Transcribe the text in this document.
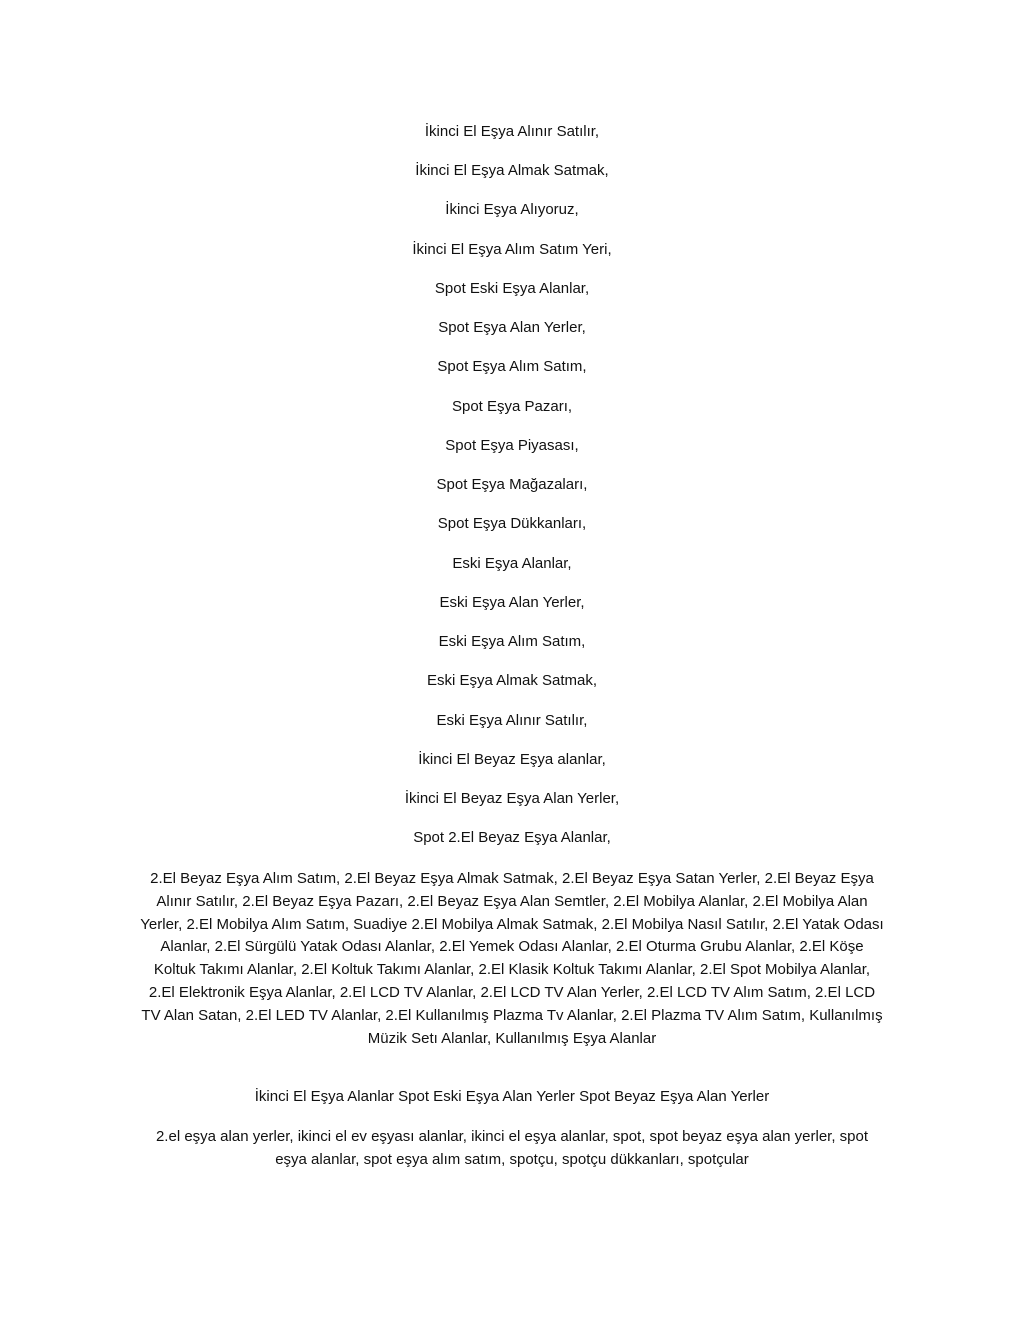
İkinci El Eşya Alınır Satılır,

İkinci El Eşya Almak Satmak,

İkinci Eşya Alıyoruz,

İkinci El Eşya Alım Satım Yeri,

Spot Eski Eşya Alanlar,

Spot Eşya Alan Yerler,

Spot Eşya Alım Satım,

Spot Eşya Pazarı,

Spot Eşya Piyasası,

Spot Eşya Mağazaları,

Spot Eşya Dükkanları,

Eski Eşya Alanlar,

Eski Eşya Alan Yerler,

Eski Eşya Alım Satım,

Eski Eşya Almak Satmak,

Eski Eşya Alınır Satılır,

İkinci El Beyaz Eşya alanlar,

İkinci El Beyaz Eşya Alan Yerler,

Spot 2.El Beyaz Eşya Alanlar,

2.El Beyaz Eşya Alım Satım, 2.El Beyaz Eşya Almak Satmak, 2.El Beyaz Eşya Satan Yerler, 2.El Beyaz Eşya Alınır Satılır, 2.El Beyaz Eşya Pazarı, 2.El Beyaz Eşya Alan Semtler, 2.El Mobilya Alanlar, 2.El Mobilya Alan Yerler, 2.El Mobilya Alım Satım, Suadiye 2.El Mobilya Almak Satmak, 2.El Mobilya Nasıl Satılır, 2.El Yatak Odası Alanlar, 2.El Sürgülü Yatak Odası Alanlar, 2.El Yemek Odası Alanlar, 2.El Oturma Grubu Alanlar, 2.El Köşe Koltuk Takımı Alanlar, 2.El Koltuk Takımı Alanlar, 2.El Klasik Koltuk Takımı Alanlar, 2.El Spot Mobilya Alanlar, 2.El Elektronik Eşya Alanlar, 2.El LCD TV Alanlar, 2.El LCD TV Alan Yerler, 2.El LCD TV Alım Satım, 2.El LCD TV Alan Satan, 2.El LED TV Alanlar, 2.El Kullanılmış Plazma Tv Alanlar, 2.El Plazma TV Alım Satım, Kullanılmış Müzik Setı Alanlar, Kullanılmış Eşya Alanlar

İkinci El Eşya Alanlar Spot Eski Eşya Alan Yerler Spot Beyaz Eşya Alan Yerler

2.el eşya alan yerler, ikinci el ev eşyası alanlar, ikinci el eşya alanlar, spot, spot beyaz eşya alan yerler, spot eşya alanlar, spot eşya alım satım, spotçu, spotçu dükkanları, spotçular
